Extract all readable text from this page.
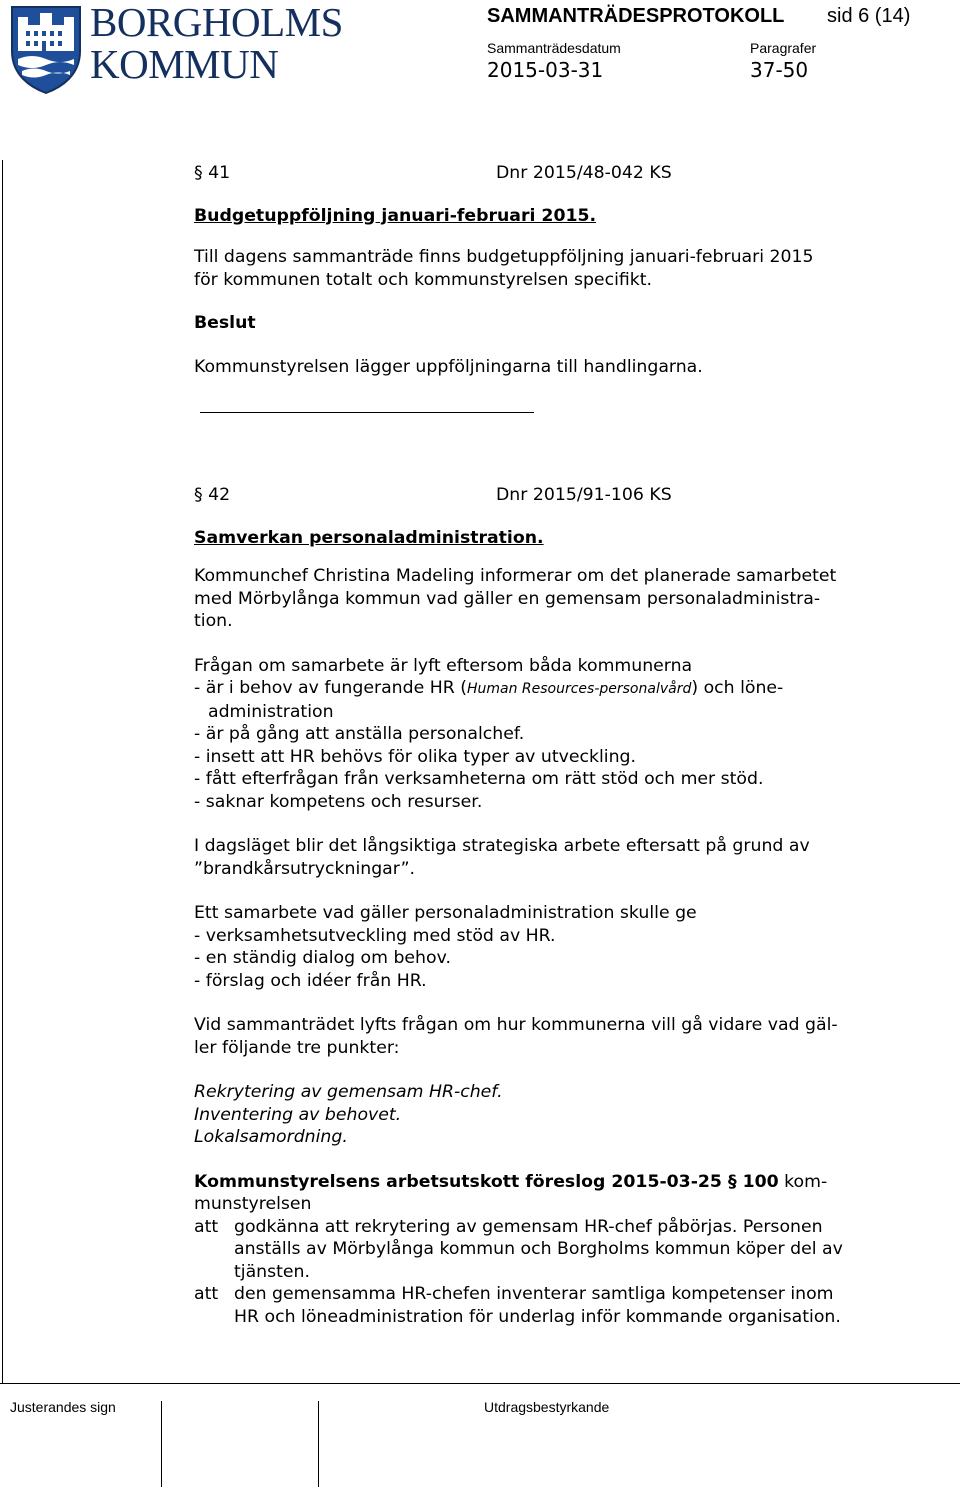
BORGHOLMS
KOMMUN
SAMMANTRÄDESPROTOKOLL sid 6 (14)
Sammanträdesdatum	Paragrafer
2015-03-31	37-50
§ 41	Dnr 2015/48-042 KS

Budgetuppföljning januari-februari 2015.

Till dagens sammanträde finns budgetuppföljning januari-februari 2015

för kommunen totalt och kommunstyrelsen specifikt.

Beslut

Kommunstyrelsen lägger uppföljningarna till handlingarna.

§ 42	Dnr 2015/91-106 KS

Samverkan personaladministration.

Kommunchef Christina Madeling informerar om det planerade samarbetet

med Mörbylånga kommun vad gäller en gemensam personaladministra-

tion.

Frågan om samarbete är lyft eftersom båda kommunerna

- är i behov av fungerande HR (Human Resources-personalvård) och löne-

administration

- är på gång att anställa personalchef.

- insett att HR behövs för olika typer av utveckling.

- fått efterfrågan från verksamheterna om rätt stöd och mer stöd.

- saknar kompetens och resurser.

I dagsläget blir det långsiktiga strategiska arbete eftersatt på grund av

”brandkårsutryckningar”.

Ett samarbete vad gäller personaladministration skulle ge

- verksamhetsutveckling med stöd av HR.

- en ständig dialog om behov.

- förslag och idéer från HR.

Vid sammanträdet lyfts frågan om hur kommunerna vill gå vidare vad gäl-

ler följande tre punkter:

Rekrytering av gemensam HR-chef.

Inventering av behovet.

Lokalsamordning.

Kommunstyrelsens arbetsutskott föreslog 2015-03-25 § 100 kom-

munstyrelsen

att godkänna att rekrytering av gemensam HR-chef påbörjas. Personen
anställs av Mörbylånga kommun och Borgholms kommun köper del av
tjänsten.
att den gemensamma HR-chefen inventerar samtliga kompetenser inom
HR och löneadministration för underlag inför kommande organisation.
Justerandes sign	Utdragsbestyrkande
